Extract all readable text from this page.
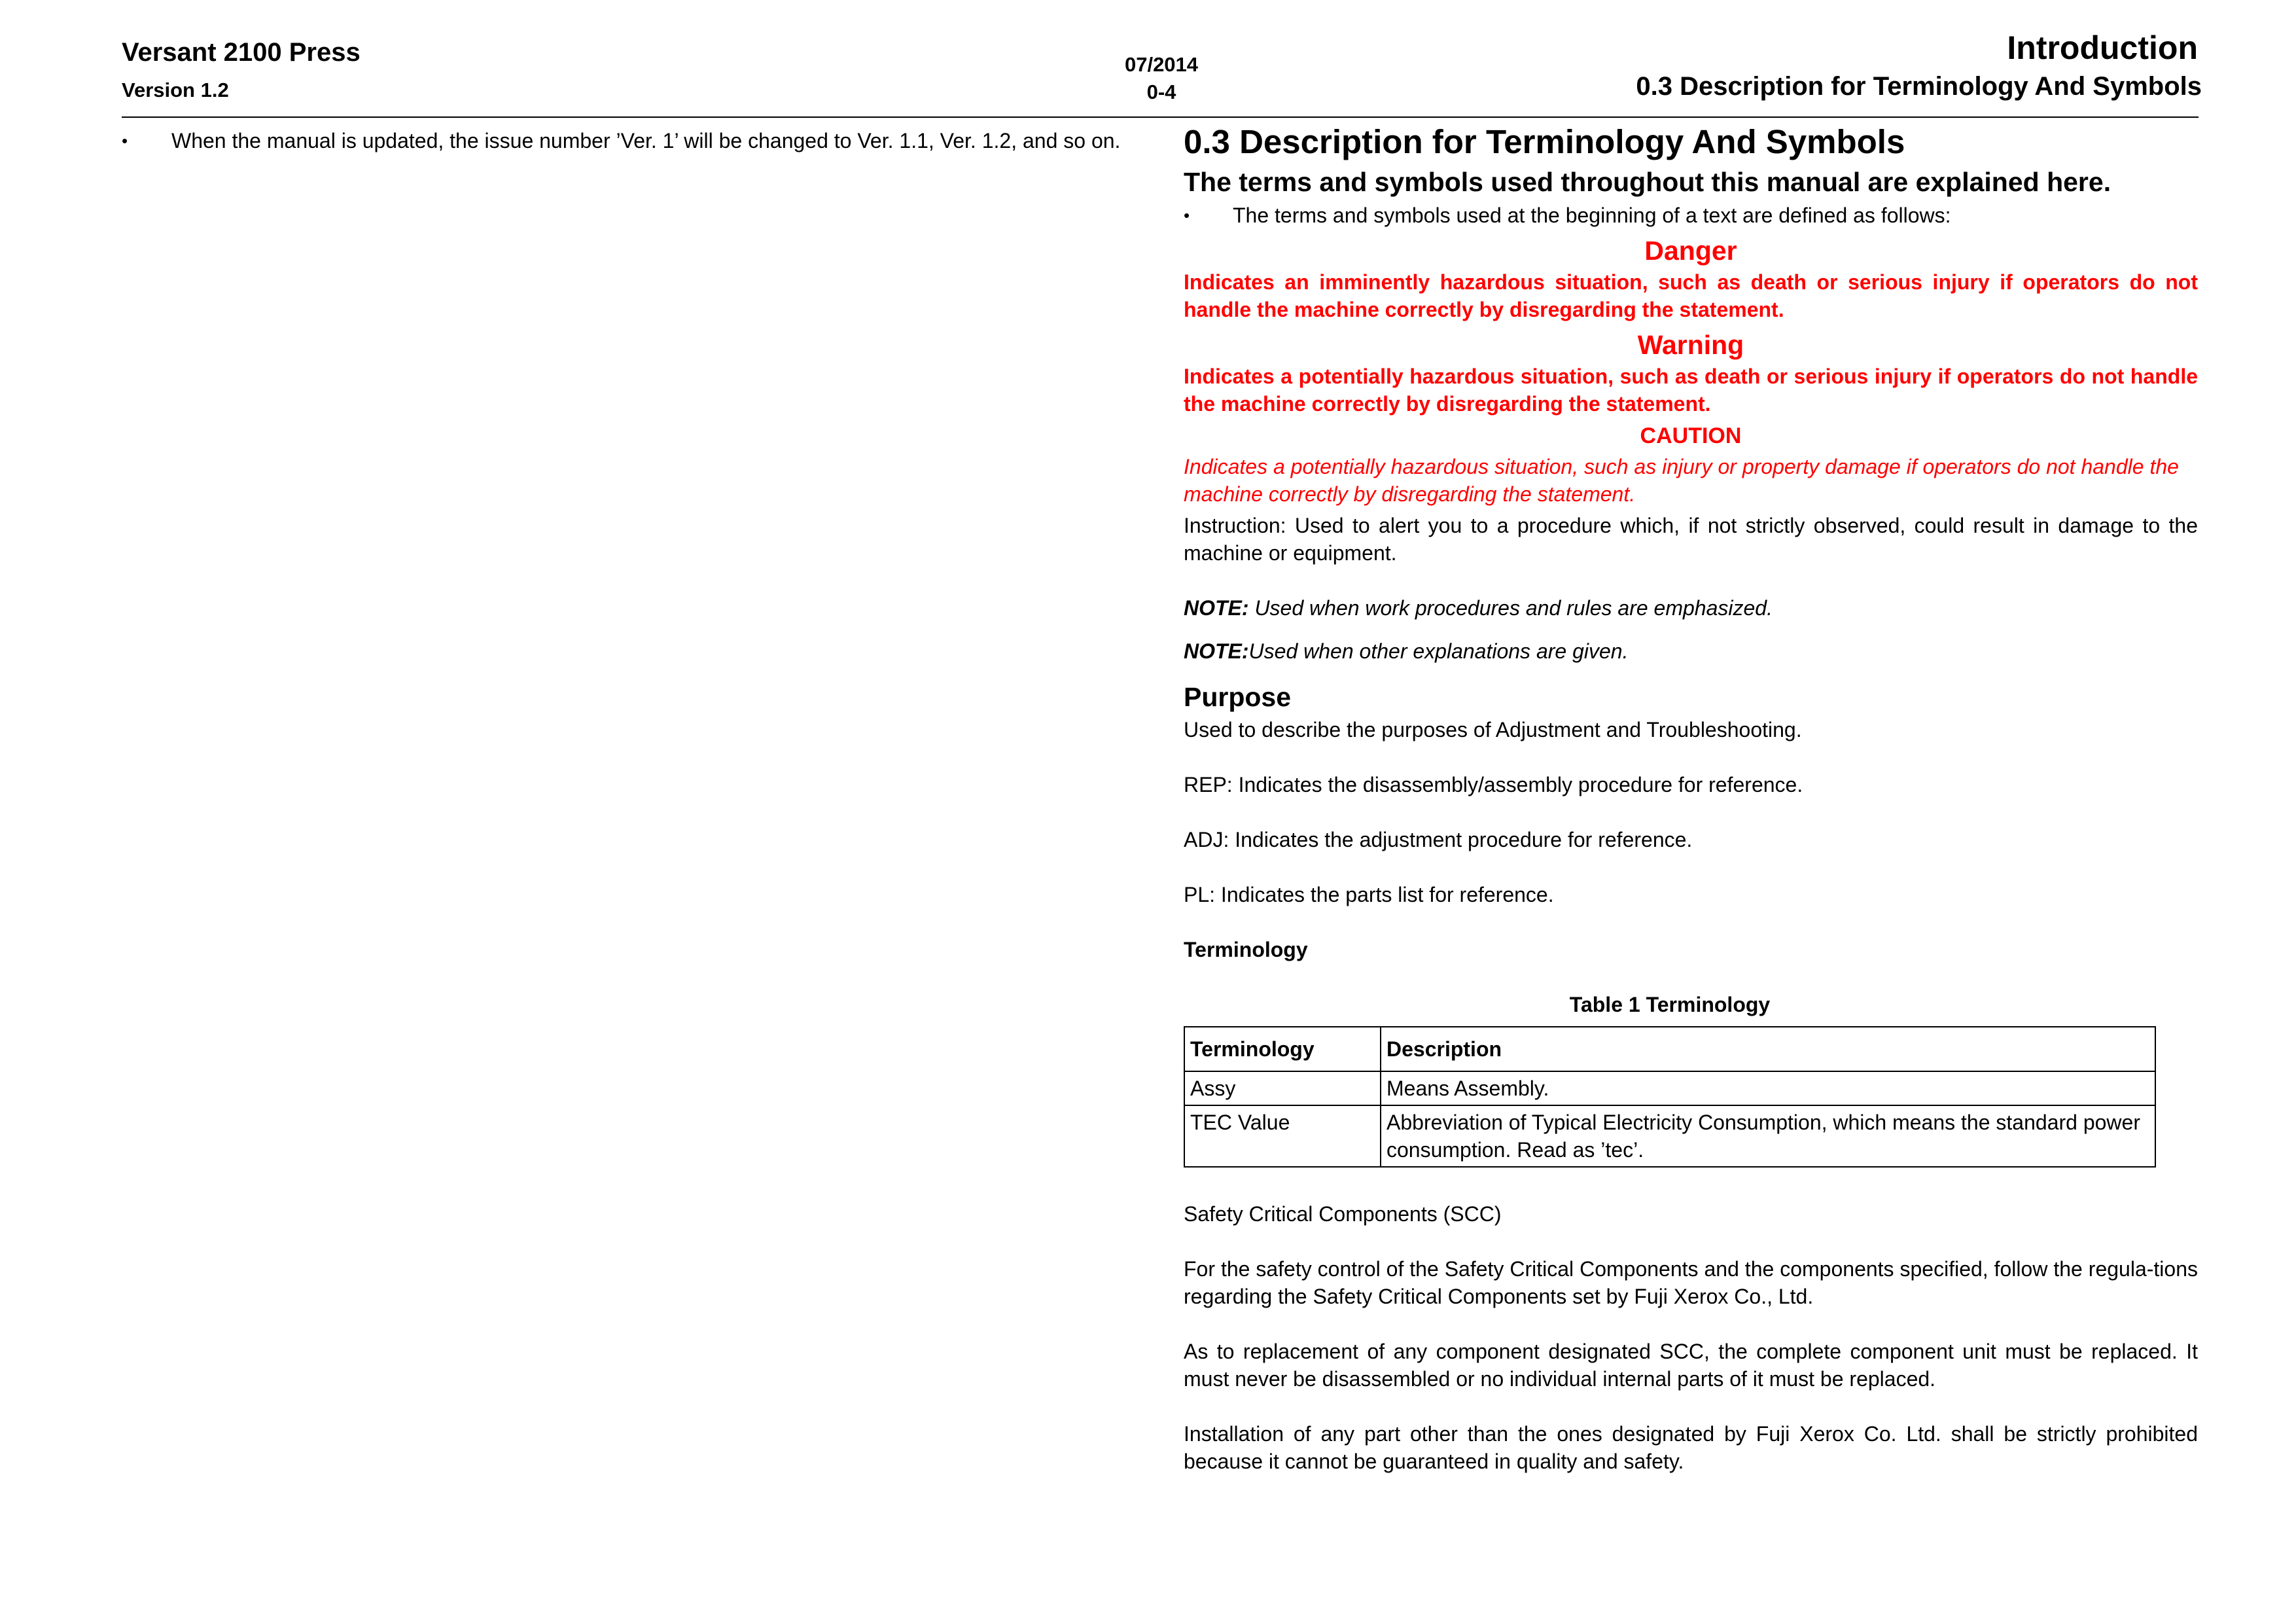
Versant 2100 Press
Version 1.2
07/2014
0-4
Introduction
0.3 Description for Terminology And Symbols
•	When the manual is updated, the issue number ’Ver. 1’ will be changed to Ver. 1.1, Ver. 1.2, and so on.	0.3 Description for Terminology And Symbols
The terms and symbols used throughout this manual are explained here.
•	The terms and symbols used at the beginning of a text are defined as follows:
Danger

Indicates an imminently hazardous situation, such as death or serious injury if operators do not handle the machine correctly by disregarding the statement.

Warning

Indicates a potentially hazardous situation, such as death or serious injury if operators do not handle the machine correctly by disregarding the statement.

CAUTION

Indicates a potentially hazardous situation, such as injury or property damage if operators do not handle the machine correctly by disregarding the statement.

Instruction: Used to alert you to a procedure which, if not strictly observed, could result in damage to the machine or equipment.

NOTE: Used when work procedures and rules are emphasized.

NOTE:Used when other explanations are given.

Purpose

Used to describe the purposes of Adjustment and Troubleshooting.

REP: Indicates the disassembly/assembly procedure for reference.

ADJ: Indicates the adjustment procedure for reference.

PL: Indicates the parts list for reference.

Terminology

Table 1 Terminology
Terminology	Description
Assy	Means Assembly.
TEC Value	Abbreviation of Typical Electricity Consumption, which means the standard power consumption. Read as ’tec’.

Safety Critical Components (SCC)

For the safety control of the Safety Critical Components and the components specified, follow the regula-tions regarding the Safety Critical Components set by Fuji Xerox Co., Ltd.

As to replacement of any component designated SCC, the complete component unit must be replaced. It must never be disassembled or no individual internal parts of it must be replaced.

Installation of any part other than the ones designated by Fuji Xerox Co. Ltd. shall be strictly prohibited because it cannot be guaranteed in quality and safety.
